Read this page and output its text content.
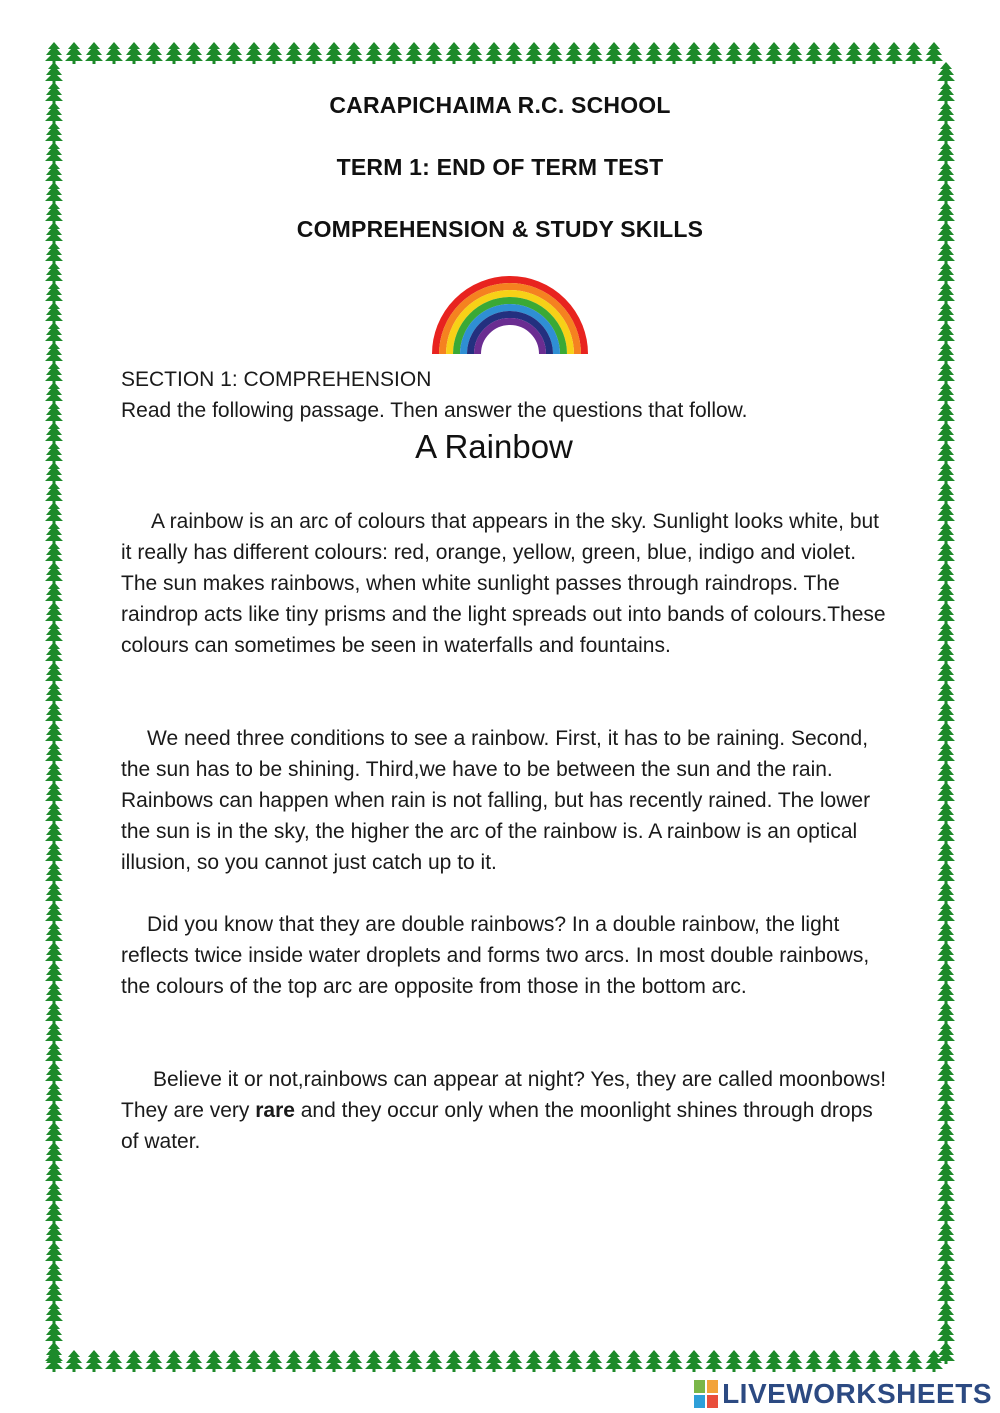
CARAPICHAIMA R.C. SCHOOL
TERM 1: END OF TERM TEST
COMPREHENSION & STUDY SKILLS
SECTION 1: COMPREHENSION
Read the following passage. Then answer the questions that follow.
A Rainbow

A rainbow is an arc of colours that appears in the sky. Sunlight looks white, but it really has different colours: red, orange, yellow, green, blue, indigo and violet. The sun makes rainbows, when white sunlight passes through raindrops. The raindrop acts like tiny prisms and the light spreads out into bands of colours.These colours can sometimes be seen in waterfalls and fountains.

We need three conditions to see a rainbow. First, it has to be raining. Second, the sun has to be shining. Third,we have to be between the sun and the rain. Rainbows can happen when rain is not falling, but has recently rained. The lower the sun is in the sky, the higher the arc of the rainbow is. A rainbow is an optical illusion, so you cannot just catch up to it.

Did you know that they are double rainbows? In a double rainbow, the light reflects twice inside water droplets and forms two arcs. In most double rainbows, the colours of the top arc are opposite from those in the bottom arc.

Believe it or not,rainbows can appear at night? Yes, they are called moonbows! They are very rare and they occur only when the moonlight shines through drops of water.

LIVEWORKSHEETS
